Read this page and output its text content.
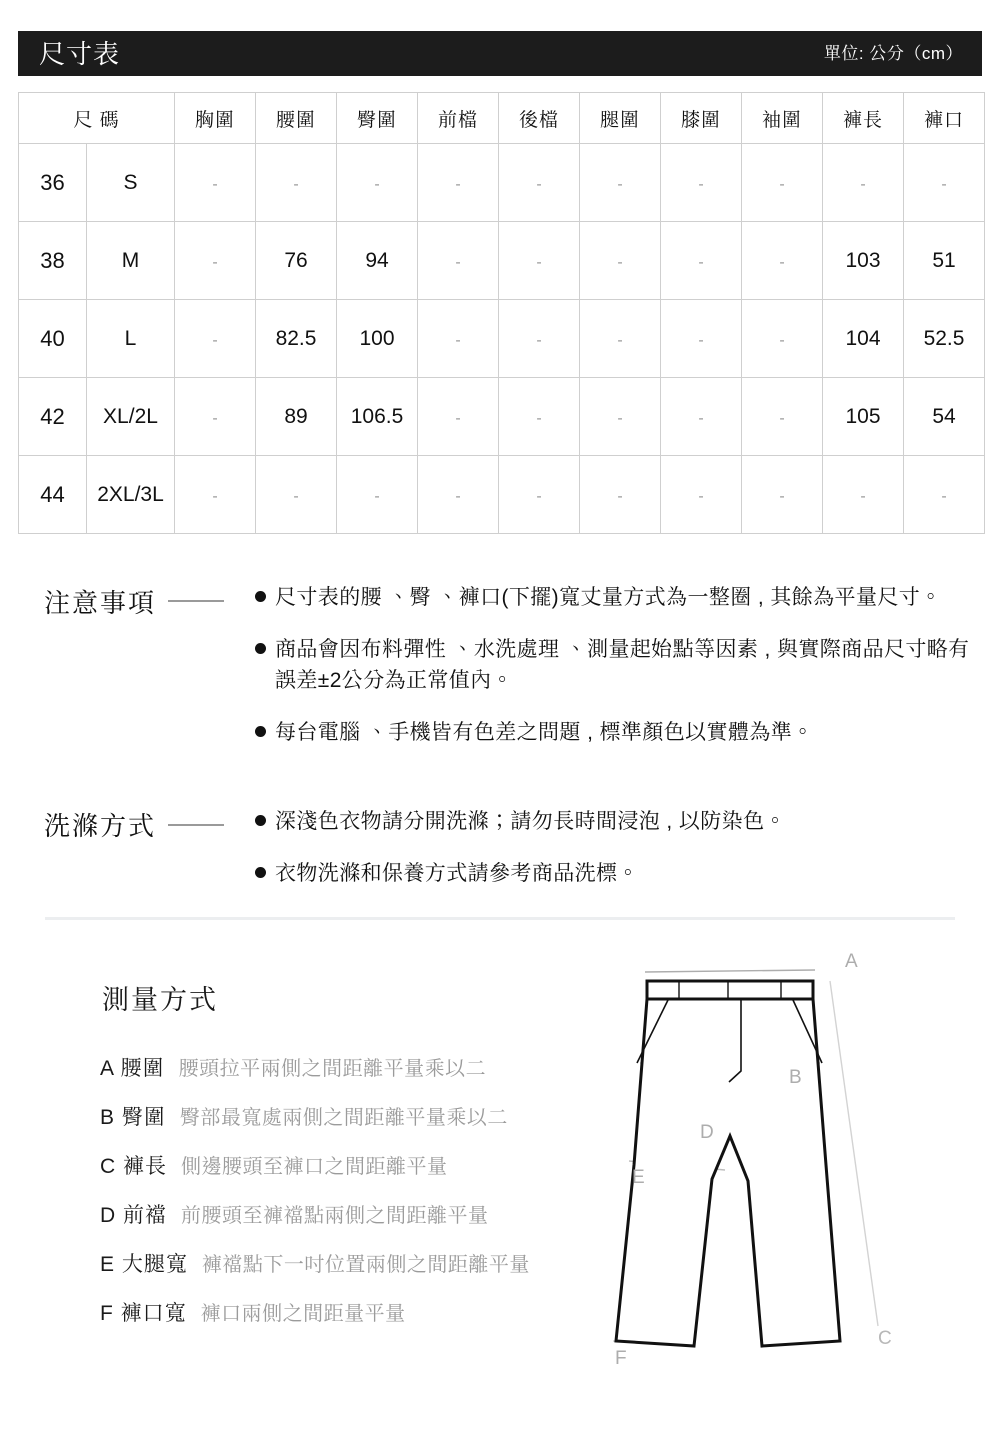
尺寸表	單位: 公分（cm）
尺 碼		胸圍	腰圍	臀圍	前檔	後檔	腿圍	膝圍	袖圍	褲長	褲口
36	S	-	-	-	-	-	-	-	-	-	-
38	M	-	76	94	-	-	-	-	-	103	51
40	L	-	82.5	100	-	-	-	-	-	104	52.5
42	XL/2L	-	89	106.5	-	-	-	-	-	105	54
44	2XL/3L	-	-	-	-	-	-	-	-	-	-
注意事項	尺寸表的腰 、臀 、褲口(下擺)寬丈量方式為一整圈 , 其餘為平量尺寸。
商品會因布料彈性 、水洗處理 、測量起始點等因素 , 與實際商品尺寸略有誤差±2公分為正常值內。
每台電腦 、手機皆有色差之問題 , 標準顏色以實體為準。
洗滌方式	深淺色衣物請分開洗滌；請勿長時間浸泡 , 以防染色。
衣物洗滌和保養方式請參考商品洗標。
測量方式
A 腰圍 腰頭拉平兩側之間距離平量乘以二
B 臀圍 臀部最寬處兩側之間距離平量乘以二
C 褲長 側邊腰頭至褲口之間距離平量
D 前襠 前腰頭至褲襠點兩側之間距離平量
E 大腿寬 褲襠點下一吋位置兩側之間距離平量
F 褲口寬 褲口兩側之間距量平量
A
B
C
D
E
F
